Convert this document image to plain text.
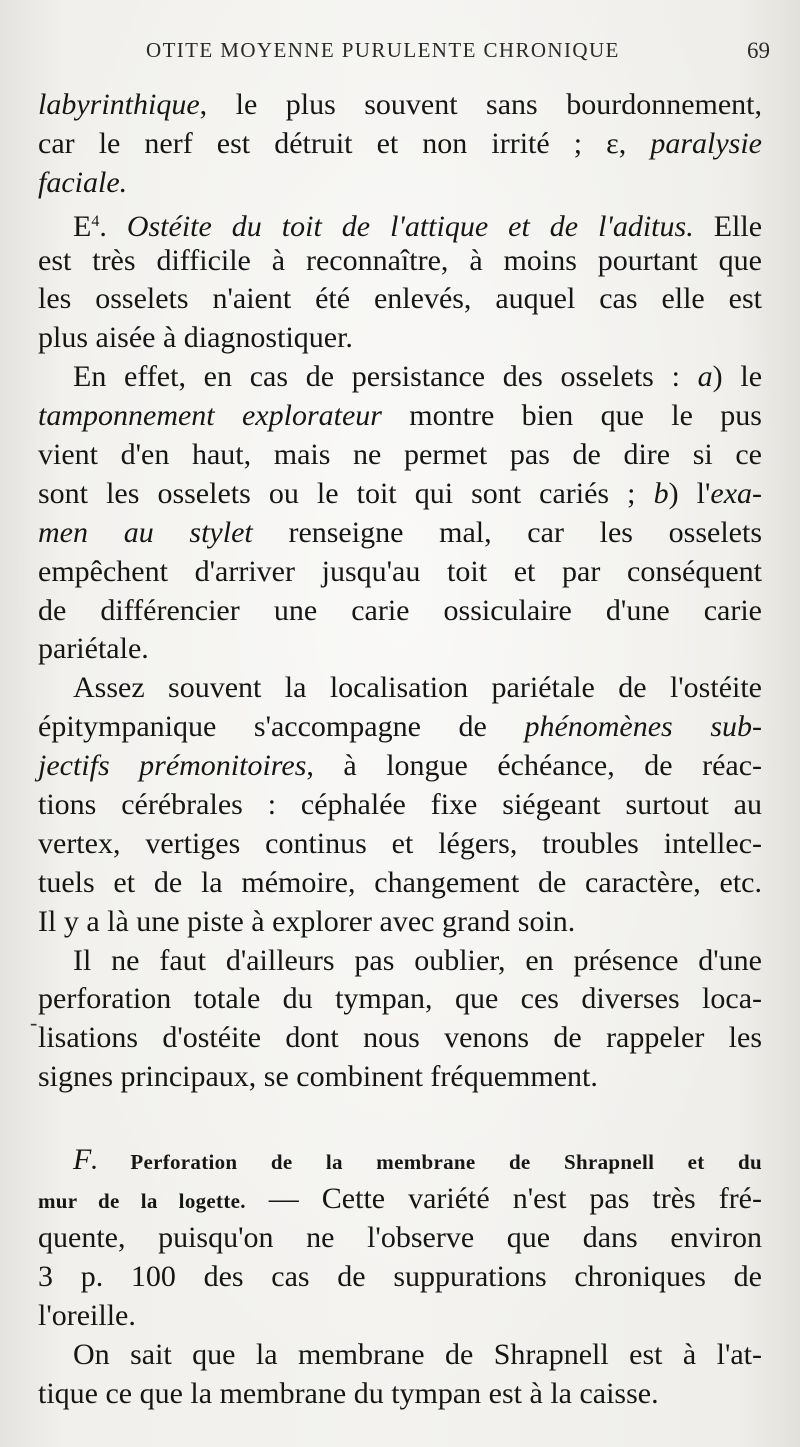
OTITE MOYENNE PURULENTE CHRONIQUE	69
-
labyrinthique, le plus souvent sans bourdonnement,
car le nerf est détruit et non irrité ; ε, paralysie
faciale.
$E^4$. Ostéite du toit de l'attique et de l'aditus. Elle
est très difficile à reconnaître, à moins pourtant que
les osselets n'aient été enlevés, auquel cas elle est
plus aisée à diagnostiquer.
En effet, en cas de persistance des osselets : a) le
tamponnement explorateur montre bien que le pus
vient d'en haut, mais ne permet pas de dire si ce
sont les osselets ou le toit qui sont cariés ; b) l'exa-
men au stylet renseigne mal, car les osselets
empêchent d'arriver jusqu'au toit et par conséquent
de différencier une carie ossiculaire d'une carie
pariétale.
Assez souvent la localisation pariétale de l'ostéite
épitympanique s'accompagne de phénomènes sub-
jectifs prémonitoires, à longue échéance, de réac-
tions cérébrales : céphalée fixe siégeant surtout au
vertex, vertiges continus et légers, troubles intellec-
tuels et de la mémoire, changement de caractère, etc.
Il y a là une piste à explorer avec grand soin.
Il ne faut d'ailleurs pas oublier, en présence d'une
perforation totale du tympan, que ces diverses loca-
lisations d'ostéite dont nous venons de rappeler les
signes principaux, se combinent fréquemment.
F. Perforation de la membrane de Shrapnell et du
mur de la logette. — Cette variété n'est pas très fré-
quente, puisqu'on ne l'observe que dans environ
3 p. 100 des cas de suppurations chroniques de
l'oreille.
On sait que la membrane de Shrapnell est à l'at-
tique ce que la membrane du tympan est à la caisse.
